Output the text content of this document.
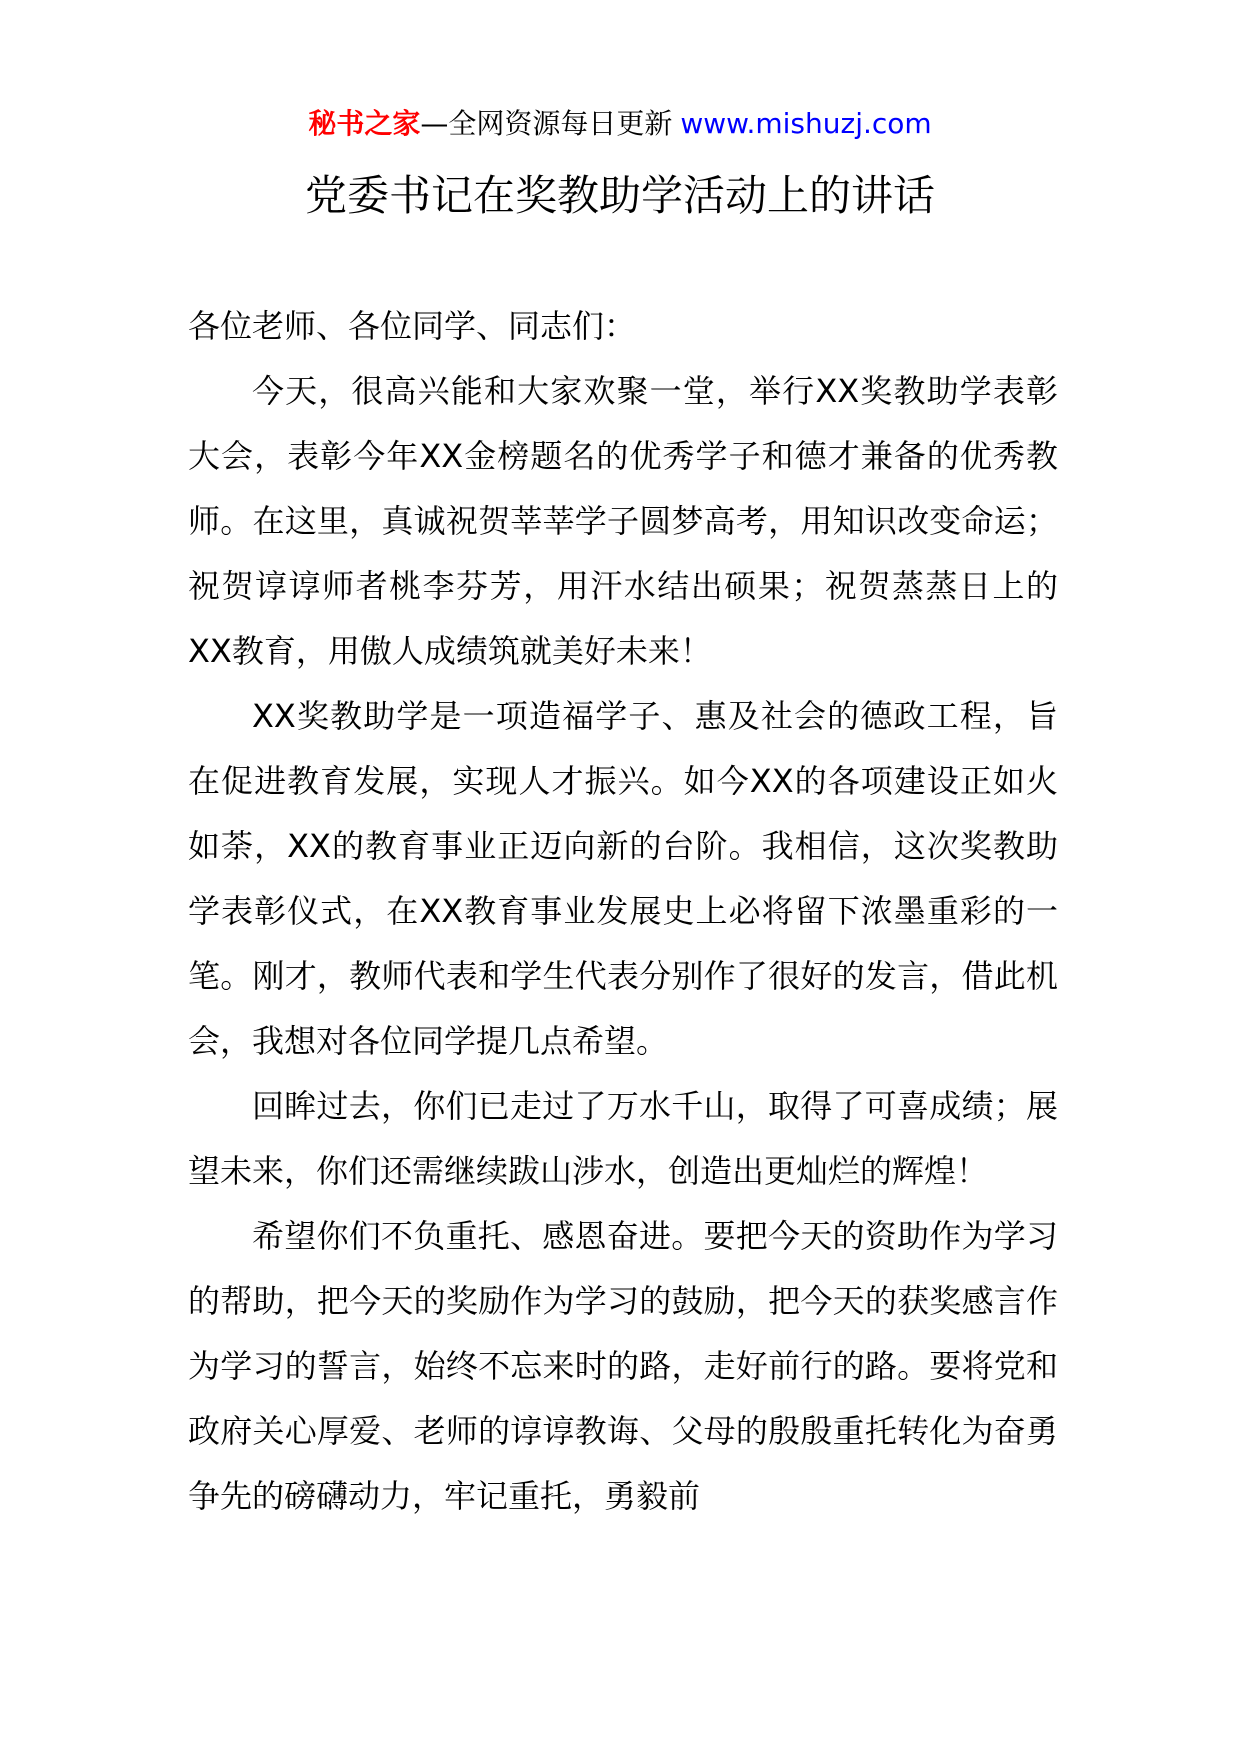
秘书之家—全网资源每日更新 www.mishuzj.com
党委书记在奖教助学活动上的讲话

各位老师、各位同学、同志们：

今天，很高兴能和大家欢聚一堂，举行XX奖教助学表彰大会，表彰今年XX金榜题名的优秀学子和德才兼备的优秀教师。在这里，真诚祝贺莘莘学子圆梦高考，用知识改变命运；祝贺谆谆师者桃李芬芳，用汗水结出硕果；祝贺蒸蒸日上的XX教育，用傲人成绩筑就美好未来！

XX奖教助学是一项造福学子、惠及社会的德政工程，旨在促进教育发展，实现人才振兴。如今XX的各项建设正如火如荼，XX的教育事业正迈向新的台阶。我相信，这次奖教助学表彰仪式，在XX教育事业发展史上必将留下浓墨重彩的一笔。刚才，教师代表和学生代表分别作了很好的发言，借此机会，我想对各位同学提几点希望。

回眸过去，你们已走过了万水千山，取得了可喜成绩；展望未来，你们还需继续跋山涉水，创造出更灿烂的辉煌！

希望你们不负重托、感恩奋进。要把今天的资助作为学习的帮助，把今天的奖励作为学习的鼓励，把今天的获奖感言作为学习的誓言，始终不忘来时的路，走好前行的路。要将党和政府关心厚爱、老师的谆谆教诲、父母的殷殷重托转化为奋勇争先的磅礴动力，牢记重托，勇毅前
